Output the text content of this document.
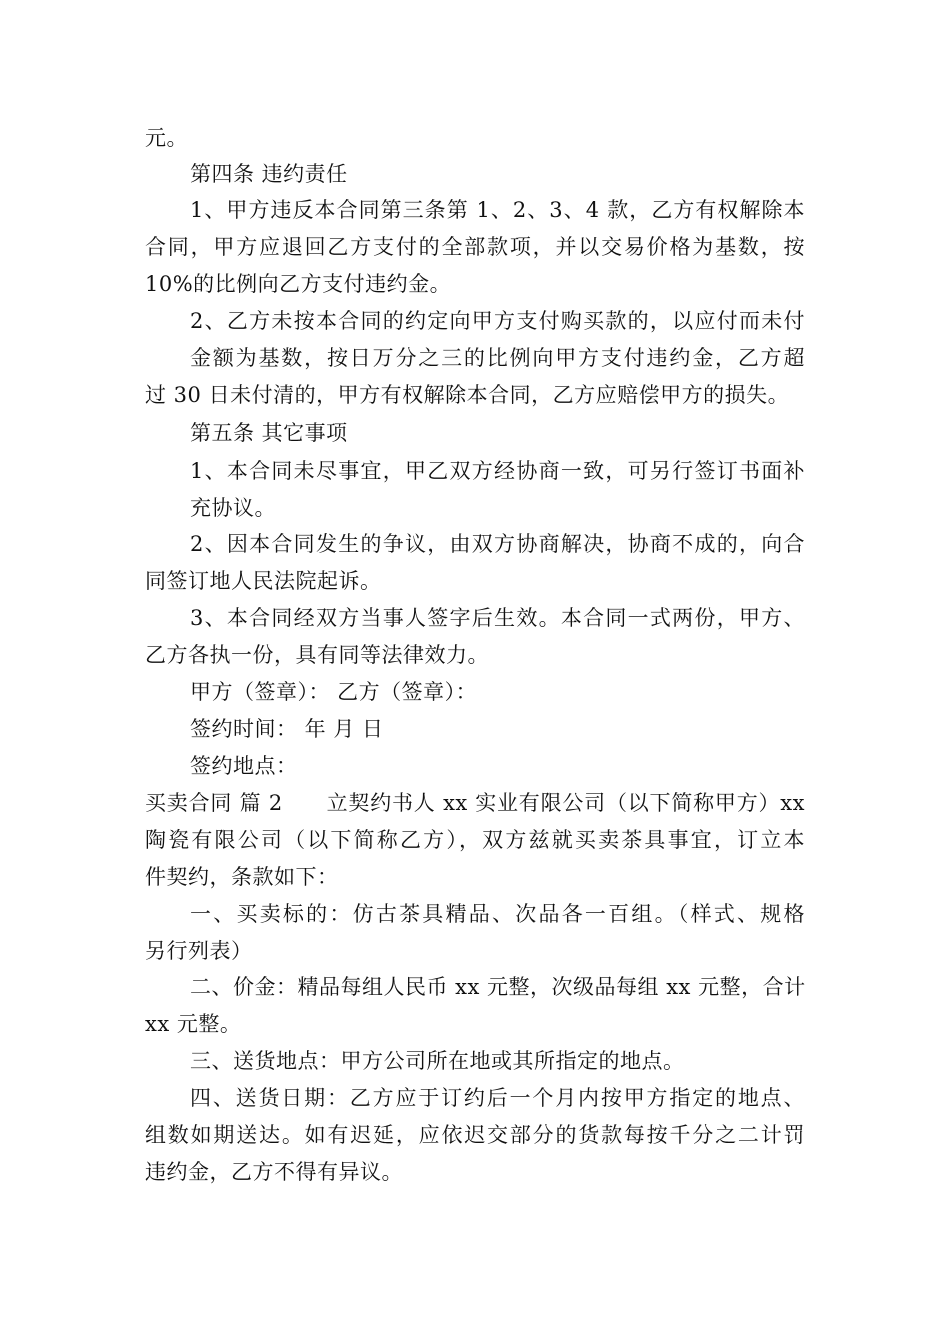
元。
第四条 违约责任
1、甲方违反本合同第三条第 1、2、3、4 款，乙方有权解除本
合同，甲方应退回乙方支付的全部款项，并以交易价格为基数，按
10%的比例向乙方支付违约金。
2、乙方未按本合同的约定向甲方支付购买款的，以应付而未付
金额为基数，按日万分之三的比例向甲方支付违约金，乙方超
过 30 日未付清的，甲方有权解除本合同，乙方应赔偿甲方的损失。
第五条 其它事项
1、本合同未尽事宜，甲乙双方经协商一致，可另行签订书面补
充协议。
2、因本合同发生的争议，由双方协商解决，协商不成的，向合
同签订地人民法院起诉。
3、本合同经双方当事人签字后生效。本合同一式两份，甲方、
乙方各执一份，具有同等法律效力。
甲方（签章）： 乙方（签章）：
签约时间： 年 月 日
签约地点：
买卖合同 篇 2　　立契约书人 xx 实业有限公司（以下简称甲方）xx
陶瓷有限公司（以下简称乙方），双方兹就买卖茶具事宜，订立本
件契约，条款如下：
一、买卖标的：仿古茶具精品、次品各一百组。（样式、规格
另行列表）
二、价金：精品每组人民币 xx 元整，次级品每组 xx 元整，合计
xx 元整。
三、送货地点：甲方公司所在地或其所指定的地点。
四、送货日期：乙方应于订约后一个月内按甲方指定的地点、
组数如期送达。如有迟延，应依迟交部分的货款每按千分之二计罚
违约金，乙方不得有异议。
